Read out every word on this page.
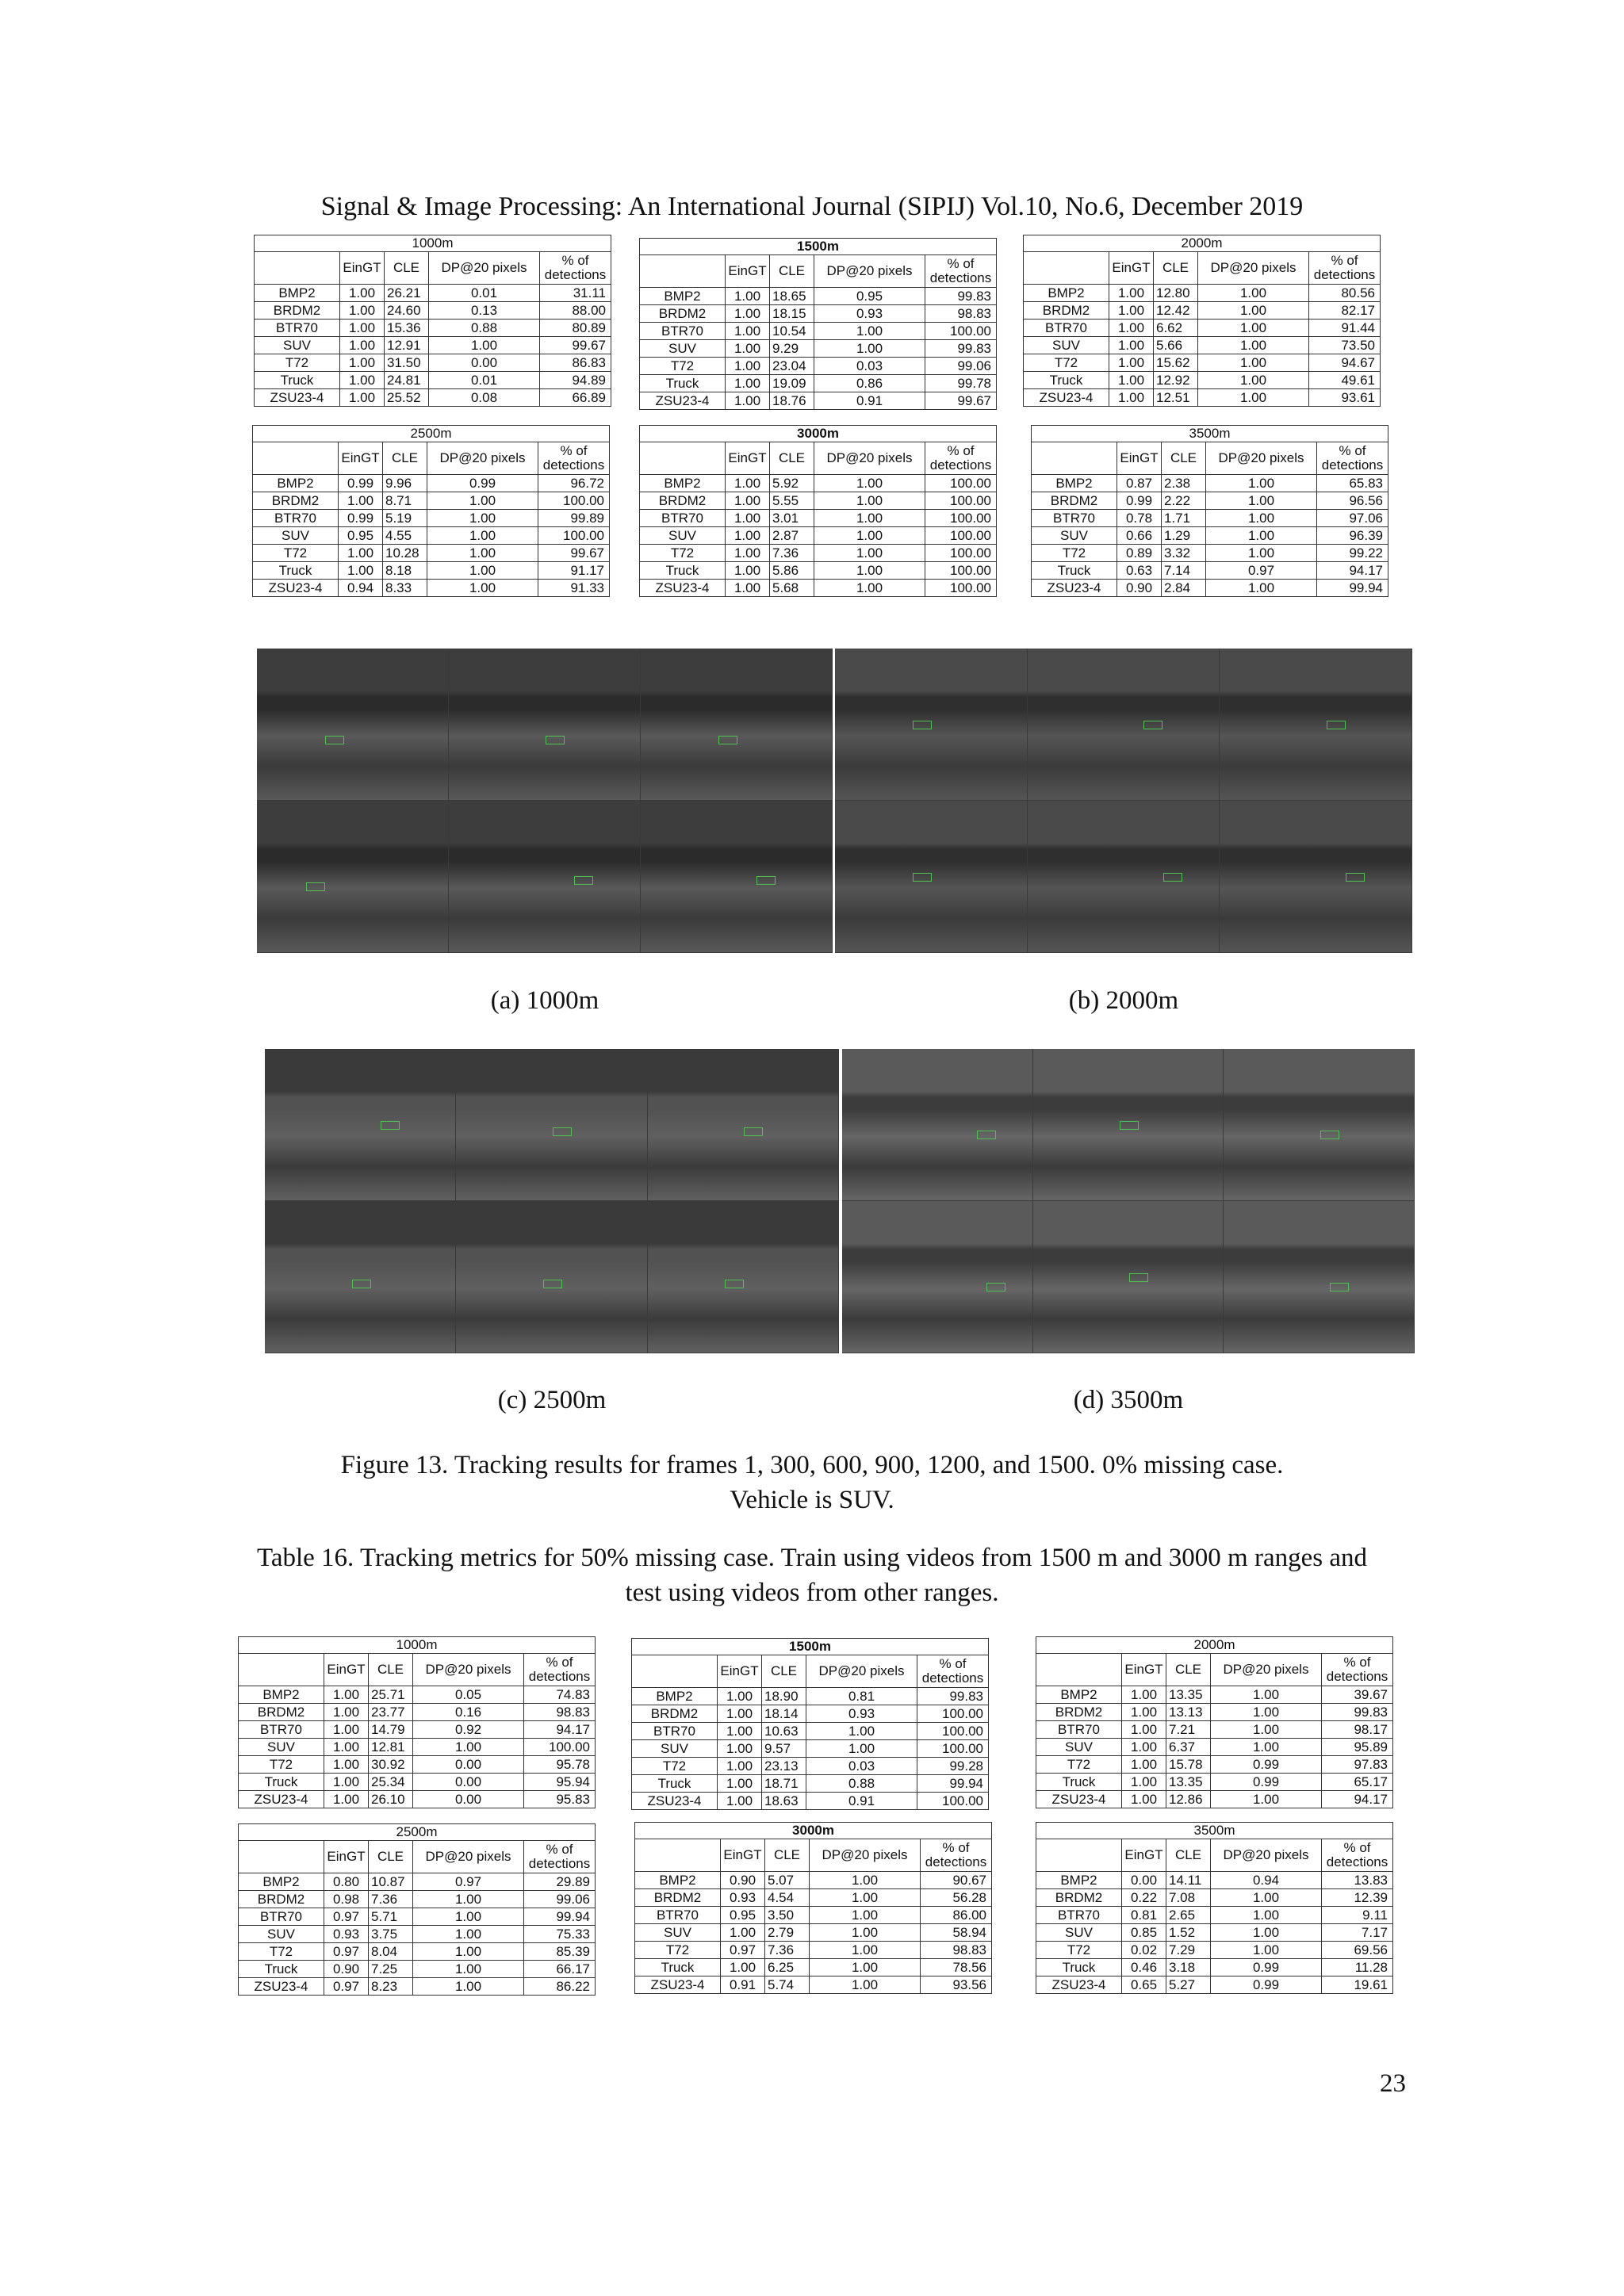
Signal & Image Processing: An International Journal (SIPIJ) Vol.10, No.6, December 2019
1000m				
	EinGT	CLE	DP@20 pixels	% of detections
BMP2	1.00	26.21	0.01	31.11
BRDM2	1.00	24.60	0.13	88.00
BTR70	1.00	15.36	0.88	80.89
SUV	1.00	12.91	1.00	99.67
T72	1.00	31.50	0.00	86.83
Truck	1.00	24.81	0.01	94.89
ZSU23-4	1.00	25.52	0.08	66.89
1500m				
	EinGT	CLE	DP@20 pixels	% of detections
BMP2	1.00	18.65	0.95	99.83
BRDM2	1.00	18.15	0.93	98.83
BTR70	1.00	10.54	1.00	100.00
SUV	1.00	9.29	1.00	99.83
T72	1.00	23.04	0.03	99.06
Truck	1.00	19.09	0.86	99.78
ZSU23-4	1.00	18.76	0.91	99.67
2000m				
	EinGT	CLE	DP@20 pixels	% of detections
BMP2	1.00	12.80	1.00	80.56
BRDM2	1.00	12.42	1.00	82.17
BTR70	1.00	6.62	1.00	91.44
SUV	1.00	5.66	1.00	73.50
T72	1.00	15.62	1.00	94.67
Truck	1.00	12.92	1.00	49.61
ZSU23-4	1.00	12.51	1.00	93.61
2500m				
	EinGT	CLE	DP@20 pixels	% of detections
BMP2	0.99	9.96	0.99	96.72
BRDM2	1.00	8.71	1.00	100.00
BTR70	0.99	5.19	1.00	99.89
SUV	0.95	4.55	1.00	100.00
T72	1.00	10.28	1.00	99.67
Truck	1.00	8.18	1.00	91.17
ZSU23-4	0.94	8.33	1.00	91.33
3000m				
	EinGT	CLE	DP@20 pixels	% of detections
BMP2	1.00	5.92	1.00	100.00
BRDM2	1.00	5.55	1.00	100.00
BTR70	1.00	3.01	1.00	100.00
SUV	1.00	2.87	1.00	100.00
T72	1.00	7.36	1.00	100.00
Truck	1.00	5.86	1.00	100.00
ZSU23-4	1.00	5.68	1.00	100.00
3500m				
	EinGT	CLE	DP@20 pixels	% of detections
BMP2	0.87	2.38	1.00	65.83
BRDM2	0.99	2.22	1.00	96.56
BTR70	0.78	1.71	1.00	97.06
SUV	0.66	1.29	1.00	96.39
T72	0.89	3.32	1.00	99.22
Truck	0.63	7.14	0.97	94.17
ZSU23-4	0.90	2.84	1.00	99.94
(a) 1000m	(b) 2000m
(c) 2500m	(d) 3500m
Figure 13. Tracking results for frames 1, 300, 600, 900, 1200, and 1500. 0% missing case.
Vehicle is SUV.
Table 16. Tracking metrics for 50% missing case. Train using videos from 1500 m and 3000 m ranges and
test using videos from other ranges.
1000m				
	EinGT	CLE	DP@20 pixels	% of detections
BMP2	1.00	25.71	0.05	74.83
BRDM2	1.00	23.77	0.16	98.83
BTR70	1.00	14.79	0.92	94.17
SUV	1.00	12.81	1.00	100.00
T72	1.00	30.92	0.00	95.78
Truck	1.00	25.34	0.00	95.94
ZSU23-4	1.00	26.10	0.00	95.83
1500m				
	EinGT	CLE	DP@20 pixels	% of detections
BMP2	1.00	18.90	0.81	99.83
BRDM2	1.00	18.14	0.93	100.00
BTR70	1.00	10.63	1.00	100.00
SUV	1.00	9.57	1.00	100.00
T72	1.00	23.13	0.03	99.28
Truck	1.00	18.71	0.88	99.94
ZSU23-4	1.00	18.63	0.91	100.00
2000m				
	EinGT	CLE	DP@20 pixels	% of detections
BMP2	1.00	13.35	1.00	39.67
BRDM2	1.00	13.13	1.00	99.83
BTR70	1.00	7.21	1.00	98.17
SUV	1.00	6.37	1.00	95.89
T72	1.00	15.78	0.99	97.83
Truck	1.00	13.35	0.99	65.17
ZSU23-4	1.00	12.86	1.00	94.17
2500m				
	EinGT	CLE	DP@20 pixels	% of detections
BMP2	0.80	10.87	0.97	29.89
BRDM2	0.98	7.36	1.00	99.06
BTR70	0.97	5.71	1.00	99.94
SUV	0.93	3.75	1.00	75.33
T72	0.97	8.04	1.00	85.39
Truck	0.90	7.25	1.00	66.17
ZSU23-4	0.97	8.23	1.00	86.22
3000m				
	EinGT	CLE	DP@20 pixels	% of detections
BMP2	0.90	5.07	1.00	90.67
BRDM2	0.93	4.54	1.00	56.28
BTR70	0.95	3.50	1.00	86.00
SUV	1.00	2.79	1.00	58.94
T72	0.97	7.36	1.00	98.83
Truck	1.00	6.25	1.00	78.56
ZSU23-4	0.91	5.74	1.00	93.56
3500m				
	EinGT	CLE	DP@20 pixels	% of detections
BMP2	0.00	14.11	0.94	13.83
BRDM2	0.22	7.08	1.00	12.39
BTR70	0.81	2.65	1.00	9.11
SUV	0.85	1.52	1.00	7.17
T72	0.02	7.29	1.00	69.56
Truck	0.46	3.18	0.99	11.28
ZSU23-4	0.65	5.27	0.99	19.61
23
